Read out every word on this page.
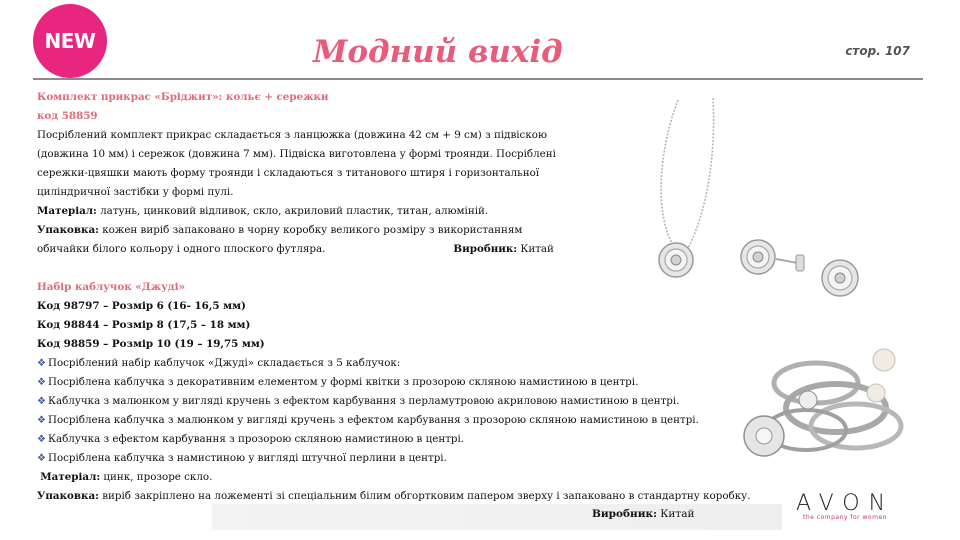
NEW	Модний вихід	стор. 107

Комплект прикрас «Бріджит»: кольє + сережки

код 58859

Посріблений комплект прикрас складається з ланцюжка (довжина 42 см + 9 см) з підвіскою

(довжина 10 мм) і сережок (довжина 7 мм). Підвіска виготовлена у формі троянди. Посріблені

сережки-цвяшки мають форму троянди і складаються з титанового штиря і горизонтальної

циліндричної застібки у формі пулі.

Матеріал: латунь, цинковий відливок, скло, акриловий пластик, титан, алюміній.

Упаковка: кожен виріб запаковано в чорну коробку великого розміру з використанням

обичайки білого кольору і одного плоского футляра.	Виробник: Китай

Набір каблучок «Джуді»

Код 98797 – Розмір 6 (16- 16,5 мм)

Код 98844 – Розмір 8 (17,5 – 18 мм)

Код 98859 – Розмір 10 (19 – 19,75 мм)

❖ Посріблений набір каблучок «Джуді» складається з 5 каблучок:

❖ Посріблена каблучка з декоративним елементом у формі квітки з прозорою скляною намистиною в центрі.

❖ Каблучка з малюнком у вигляді кручень з ефектом карбування з перламутровою акриловою намистиною в центрі.

❖ Посріблена каблучка з малюнком у вигляді кручень з ефектом карбування з прозорою скляною намистиною в центрі.

❖ Каблучка з ефектом карбування з прозорою скляною намистиною в центрі.

❖ Посріблена каблучка з намистиною у вигляді штучної перлини в центрі.

Матеріал: цинк, прозоре скло.

Упаковка: виріб закріплено на ложементі зі спеціальним білим обгортковим папером зверху і запаковано в стандартну коробку.

Виробник: Китай	AVON
the company for women
